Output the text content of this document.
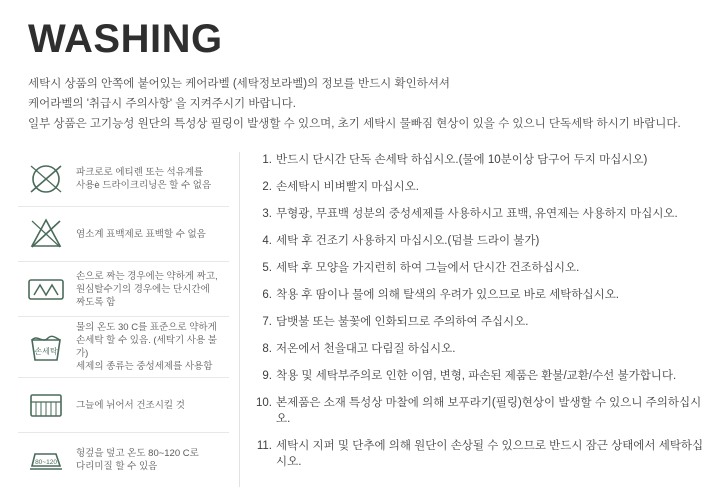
WASHING
세탁시 상품의 안쪽에 붙어있는 케어라벨 (세탁정보라벨)의 정보를 반드시 확인하셔셔
케어라벨의 '취급시 주의사항' 을 지켜주시기 바랍니다.
일부 상품은 고기능성 원단의 특성상 필링이 발생할 수 있으며, 초기 세탁시 물빠짐 현상이 있을 수 있으니 단독세탁 하시기 바랍니다.
파크로로 에티렌 또는 석유계를
사용è 드라이크리닝은 할 수 없음
염소계 표백제로 표백할 수 없음
손으로 짜는 경우에는 약하게 짜고,
원심탈수기의 경우에는 단시간에
짜도록 함
손세탁
물의 온도 30 C를 표준으로 약하게
손세탁 할 수 있음. (세탁기 사용 불가)
세제의 종류는 중성세제를 사용함
그늘에 뉘어서 건조시킬 것
80~120
헝겊을 덮고 온도 80~120 C로
다리미질 할 수 있음
1. 반드시 단시간 단독 손세탁 하십시오.(물에 10분이상 담구어 두지 마십시오)
2. 손세탁시 비벼빨지 마십시오.
3. 무형광, 무표백 성분의 중성세제를 사용하시고 표백, 유연제는 사용하지 마십시오.
4. 세탁 후 건조기 사용하지 마십시오.(덤블 드라이 불가)
5. 세탁 후 모양을 가지런히 하여 그늘에서 단시간 건조하십시오.
6. 착용 후 땀이나 물에 의해 탈색의 우려가 있으므로 바로 세탁하십시오.
7. 담뱃불 또는 불꽃에 인화되므로 주의하여 주십시오.
8. 저온에서 천을대고 다림질 하십시오.
9. 착용 및 세탁부주의로 인한 이염, 변형, 파손된 제품은 환불/교환/수선 불가합니다.
10. 본제품은 소재 특성상 마찰에 의해 보푸라기(필링)현상이 발생할 수 있으니 주의하십시오.
11. 세탁시 지퍼 및 단추에 의해 원단이 손상될 수 있으므로 반드시 잠근 상태에서 세탁하십시오.
